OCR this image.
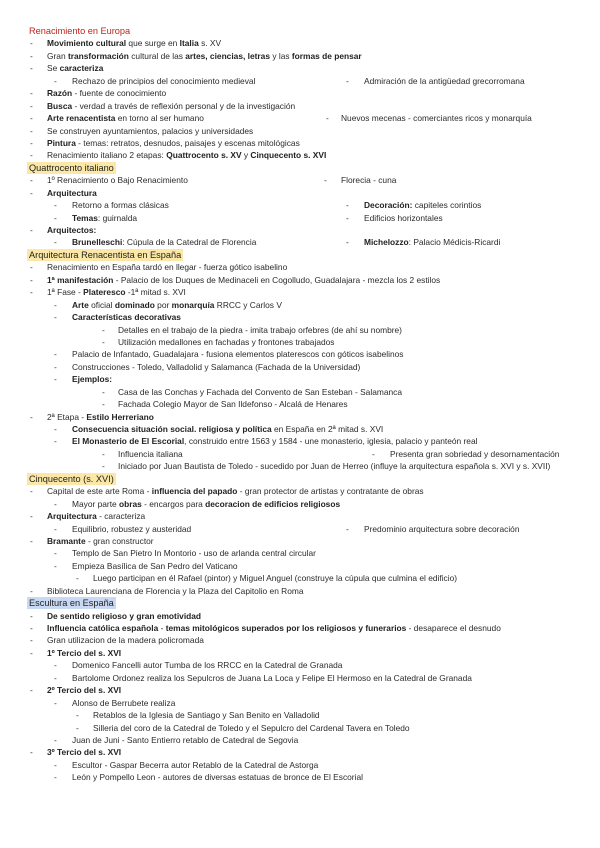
Renacimiento en Europa
- Movimiento cultural que surge en Italia s. XV
- Gran transformación cultural de las artes, ciencias, letras y las formas de pensar
- Se caracteriza
- Rechazo de principios del conocimiento medieval	- Admiración de la antigüedad grecorromana
- Razón - fuente de conocimiento
- Busca - verdad a través de reflexión personal y de la investigación
- Arte renacentista en torno al ser humano	- Nuevos mecenas - comerciantes ricos y monarquía
- Se construyen ayuntamientos, palacios y universidades
- Pintura - temas: retratos, desnudos, paisajes y escenas mitológicas
- Renacimiento italiano 2 etapas: Quattrocento s. XV y Cinquecento s. XVI
Quattrocento italiano
- 1º Renacimiento o Bajo Renacimiento	- Florecia - cuna
- Arquitectura
- Retorno a formas clásicas	- Decoración: capiteles corintios
- Temas: guirnalda	- Edificios horizontales
- Arquitectos:
- Brunelleschi: Cúpula de la Catedral de Florencia	- Michelozzo: Palacio Médicis-Ricardi
Arquitectura Renacentista en España
- Renacimiento en España tardó en llegar - fuerza gótico isabelino
- 1ª manifestación - Palacio de los Duques de Medinaceli en Cogolludo, Guadalajara - mezcla los 2 estilos
- 1ª Fase - Plateresco -1ª mitad s. XVI
- Arte oficial dominado por monarquía RRCC y Carlos V
- Características decorativas
- Detalles en el trabajo de la piedra - imita trabajo orfebres (de ahí su nombre)
- Utilización medallones en fachadas y frontones trabajados
- Palacio de Infantado, Guadalajara - fusiona elementos platerescos con góticos isabelinos
- Construcciones - Toledo, Valladolid y Salamanca (Fachada de la Universidad)
- Ejemplos:
- Casa de las Conchas y Fachada del Convento de San Esteban - Salamanca
- Fachada Colegio Mayor de San Ildefonso - Alcalá de Henares
- 2ª Etapa - Estilo Herreriano
- Consecuencia situación social. religiosa y política en España en 2ª mitad s. XVI
- El Monasterio de El Escorial, construido entre 1563 y 1584 - une monasterio, iglesia, palacio y panteón real
- Influencia italiana	- Presenta gran sobriedad y desornamentación
- Iniciado por Juan Bautista de Toledo - sucedido por Juan de Herreo (influye la arquitectura española s. XVI y s. XVII)
Cinquecento (s. XVI)
- Capital de este arte Roma - influencia del papado - gran protector de artistas y contratante de obras
- Mayor parte obras - encargos para decoracion de edificios religiosos
- Arquitectura - caracteriza
- Equilibrio, robustez y austeridad	- Predominio arquitectura sobre decoración
- Bramante - gran constructor
- Templo de San Pietro In Montorio - uso de arlanda central circular
- Empieza Basílica de San Pedro del Vaticano
- Luego participan en él Rafael (pintor) y Miguel Anguel (construye la cúpula que culmina el edificio)
- Biblioteca Laurenciana de Florencia y la Plaza del Capitolio en Roma
Escultura en España
- De sentido religioso y gran emotividad
- Influencia católica española - temas mitológicos superados por los religiosos y funerarios - desaparece el desnudo
- Gran utilizacion de la madera policromada
- 1º Tercio del s. XVI
- Domenico Fancelli autor Tumba de los RRCC en la Catedral de Granada
- Bartolome Ordonez realiza los Sepulcros de Juana La Loca y Felipe El Hermoso en la Catedral de Granada
- 2º Tercio del s. XVI
- Alonso de Berrubete realiza
- Retablos de la Iglesia de Santiago y San Benito en Valladolid
- Silleria del coro de la Catedral de Toledo y el Sepulcro del Cardenal Tavera en Toledo
- Juan de Juni - Santo Entierro retablo de Catedral de Segovia
- 3º Tercio del s. XVI
- Escultor - Gaspar Becerra autor Retablo de la Catedral de Astorga
- León y Pompello Leon - autores de diversas estatuas de bronce de El Escorial
